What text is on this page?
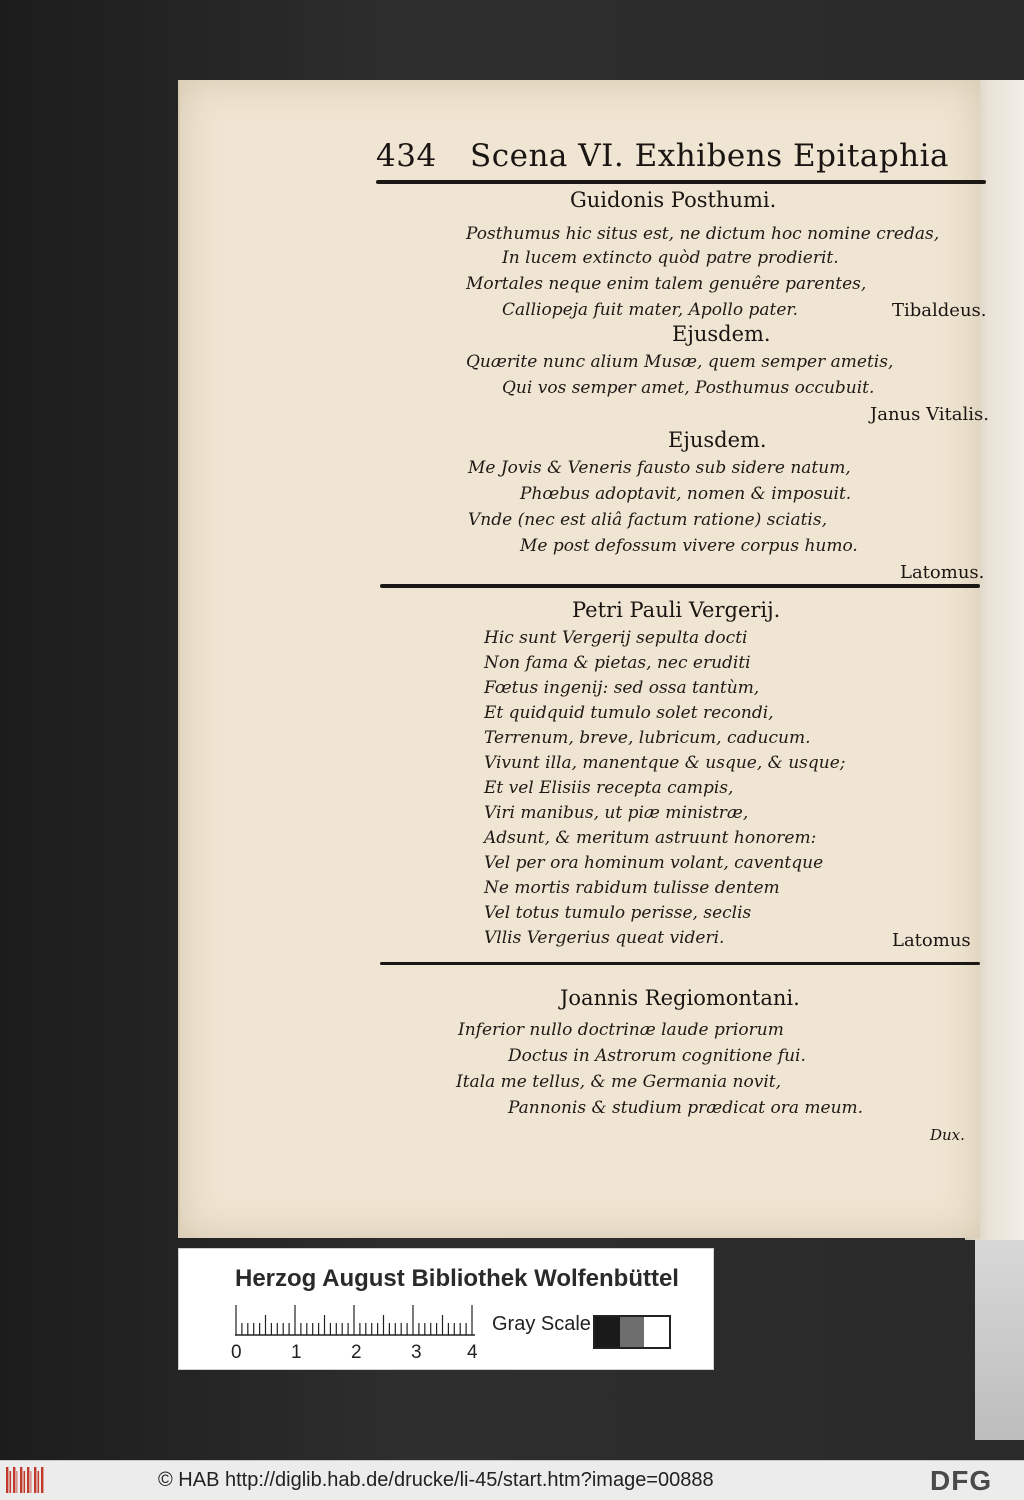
434 Scena VI. Exhibens Epitaphia
Guidonis Posthumi.
Posthumus hic situs est, ne dictum hoc nomine credas,
In lucem extincto quòd patre prodierit.
Mortales neque enim talem genuêre parentes,
Calliopeja fuit mater, Apollo pater.	Tibaldeus.
Ejusdem.
Quærite nunc alium Musæ, quem semper ametis,
Qui vos semper amet, Posthumus occubuit.
Janus Vitalis.
Ejusdem.
Me Jovis & Veneris fausto sub sidere natum,
Phœbus adoptavit, nomen & imposuit.
Vnde (nec est aliâ factum ratione) sciatis,
Me post defossum vivere corpus humo.
Latomus.
Petri Pauli Vergerij.
Hic sunt Vergerij sepulta docti
Non fama & pietas, nec eruditi
Fœtus ingenij: sed ossa tantùm,
Et quidquid tumulo solet recondi,
Terrenum, breve, lubricum, caducum.
Vivunt illa, manentque & usque, & usque;
Et vel Elisiis recepta campis,
Viri manibus, ut piæ ministræ,
Adsunt, & meritum astruunt honorem:
Vel per ora hominum volant, caventque
Ne mortis rabidum tulisse dentem
Vel totus tumulo perisse, seclis
Vllis Vergerius queat videri.	Latomus
Joannis Regiomontani.
Inferior nullo doctrinæ laude priorum
Doctus in Astrorum cognitione fui.
Itala me tellus, & me Germania novit,
Pannonis & studium prædicat ora meum.
Dux.
Herzog August Bibliothek Wolfenbüttel
0	1	2	3 4
Gray Scale
© HAB http://diglib.hab.de/drucke/li-45/start.htm?image=00888	DFG
